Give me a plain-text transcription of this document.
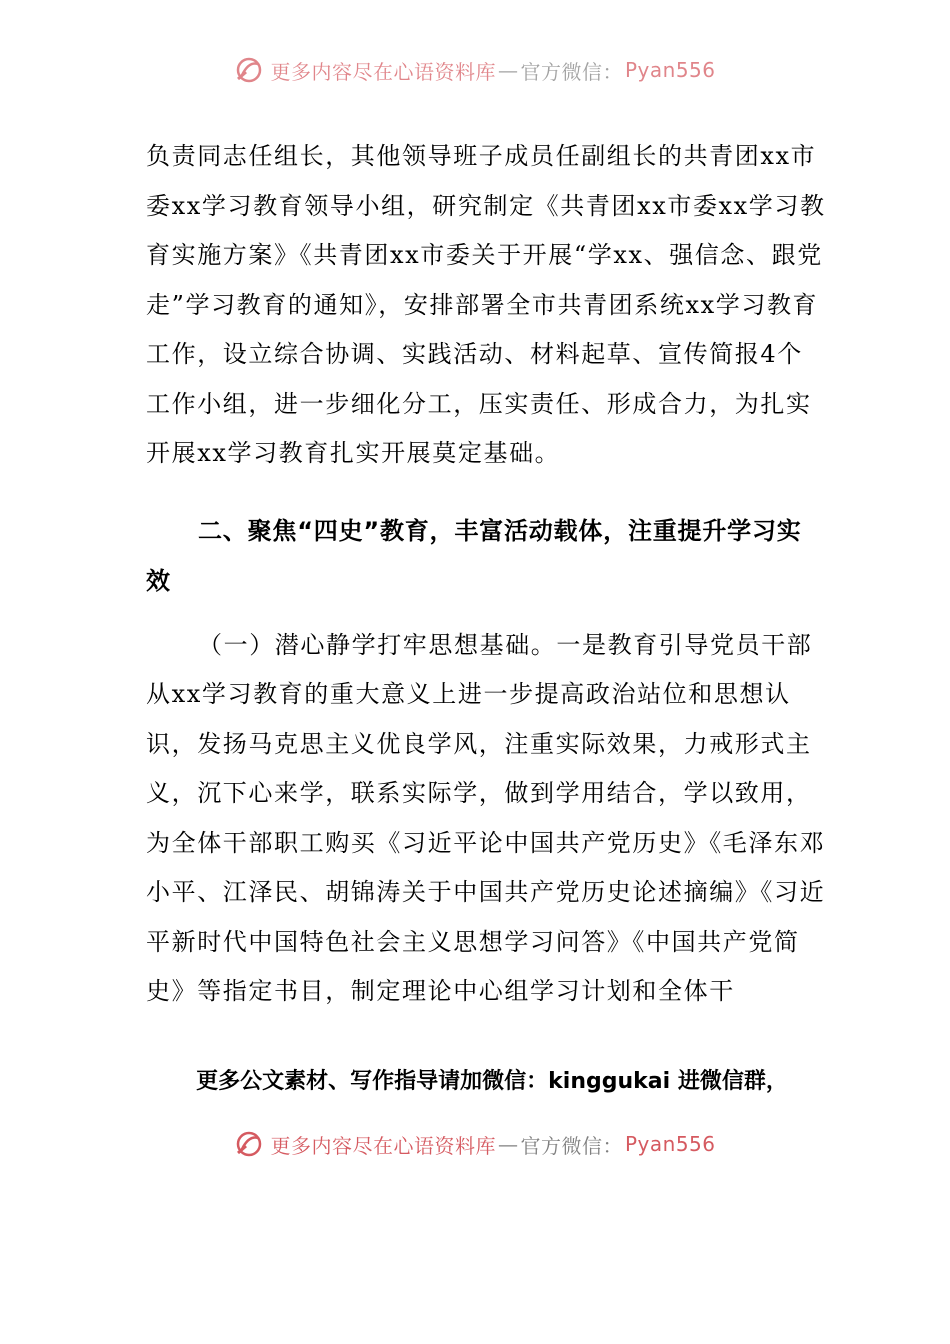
更多内容尽在心语资料库 — 官方微信： Pyan556

负责同志任组长，其他领导班子成员任副组长的共青团xx市委xx学习教育领导小组，研究制定《共青团xx市委xx学习教育实施方案》《共青团xx市委关于开展“学xx、强信念、跟党走”学习教育的通知》，安排部署全市共青团系统xx学习教育工作，设立综合协调、实践活动、材料起草、宣传简报4个工作小组，进一步细化分工，压实责任、形成合力，为扎实开展xx学习教育扎实开展莫定基础。

二、聚焦“四史”教育，丰富活动载体，注重提升学习实效

（一）潜心静学打牢思想基础。一是教育引导党员干部从xx学习教育的重大意义上进一步提高政治站位和思想认识，发扬马克思主义优良学风，注重实际效果，力戒形式主义，沉下心来学，联系实际学，做到学用结合，学以致用，为全体干部职工购买《习近平论中国共产党历史》《毛泽东邓小平、江泽民、胡锦涛关于中国共产党历史论述摘编》《习近平新时代中国特色社会主义思想学习问答》《中国共产党简史》等指定书目，制定理论中心组学习计划和全体干

更多公文素材、写作指导请加微信：kinggukai 进微信群，
更多内容尽在心语资料库 — 官方微信： Pyan556
